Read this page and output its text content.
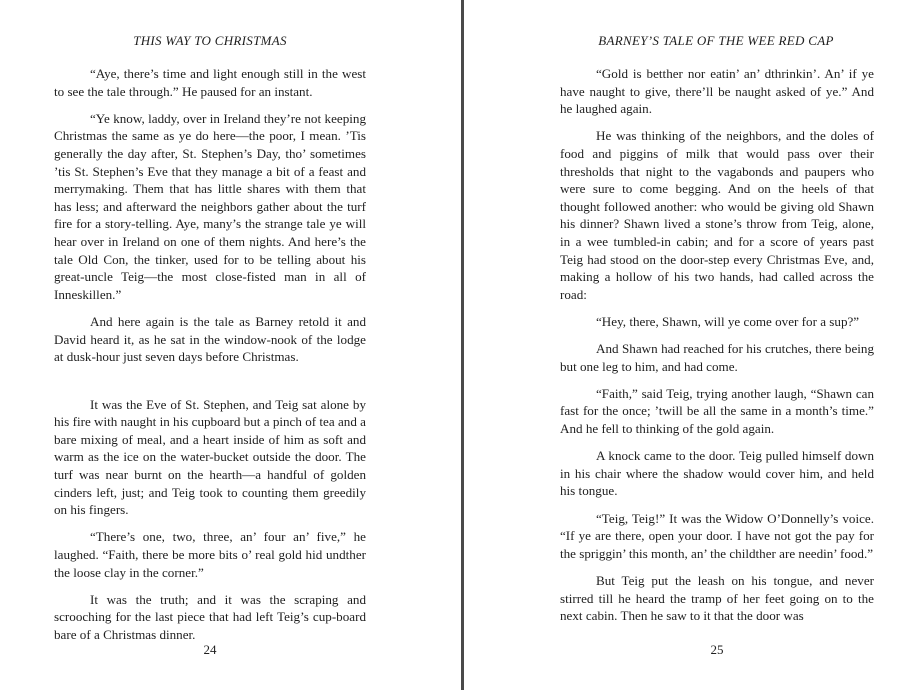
THIS WAY TO CHRISTMAS

“Aye, there’s time and light enough still in the west to see the tale through.” He paused for an instant.

“Ye know, laddy, over in Ireland they’re not keeping Christmas the same as ye do here—the poor, I mean. ’Tis generally the day after, St. Stephen’s Day, tho’ sometimes ’tis St. Stephen’s Eve that they manage a bit of a feast and merrymaking. Them that has little shares with them that has less; and afterward the neighbors gather about the turf fire for a story-telling. Aye, many’s the strange tale ye will hear over in Ireland on one of them nights. And here’s the tale Old Con, the tinker, used for to be telling about his great-uncle Teig—the most close-fisted man in all of Inneskillen.”

And here again is the tale as Barney retold it and David heard it, as he sat in the window-nook of the lodge at dusk-hour just seven days before Christmas.

It was the Eve of St. Stephen, and Teig sat alone by his fire with naught in his cupboard but a pinch of tea and a bare mixing of meal, and a heart inside of him as soft and warm as the ice on the water-bucket outside the door. The turf was near burnt on the hearth—a handful of golden cinders left, just; and Teig took to counting them greedily on his fingers.

“There’s one, two, three, an’ four an’ five,” he laughed. “Faith, there be more bits o’ real gold hid undther the loose clay in the corner.”

It was the truth; and it was the scraping and scrooching for the last piece that had left Teig’s cup-board bare of a Christmas dinner.

24
BARNEY’S TALE OF THE WEE RED CAP

“Gold is betther nor eatin’ an’ dthrinkin’. An’ if ye have naught to give, there’ll be naught asked of ye.” And he laughed again.

He was thinking of the neighbors, and the doles of food and piggins of milk that would pass over their thresholds that night to the vagabonds and paupers who were sure to come begging. And on the heels of that thought followed another: who would be giving old Shawn his dinner? Shawn lived a stone’s throw from Teig, alone, in a wee tumbled-in cabin; and for a score of years past Teig had stood on the door-step every Christmas Eve, and, making a hollow of his two hands, had called across the road:

“Hey, there, Shawn, will ye come over for a sup?”

And Shawn had reached for his crutches, there being but one leg to him, and had come.

“Faith,” said Teig, trying another laugh, “Shawn can fast for the once; ’twill be all the same in a month’s time.” And he fell to thinking of the gold again.

A knock came to the door. Teig pulled himself down in his chair where the shadow would cover him, and held his tongue.

“Teig, Teig!” It was the Widow O’Donnelly’s voice. “If ye are there, open your door. I have not got the pay for the spriggin’ this month, an’ the childther are needin’ food.”

But Teig put the leash on his tongue, and never stirred till he heard the tramp of her feet going on to the next cabin. Then he saw to it that the door was

25
